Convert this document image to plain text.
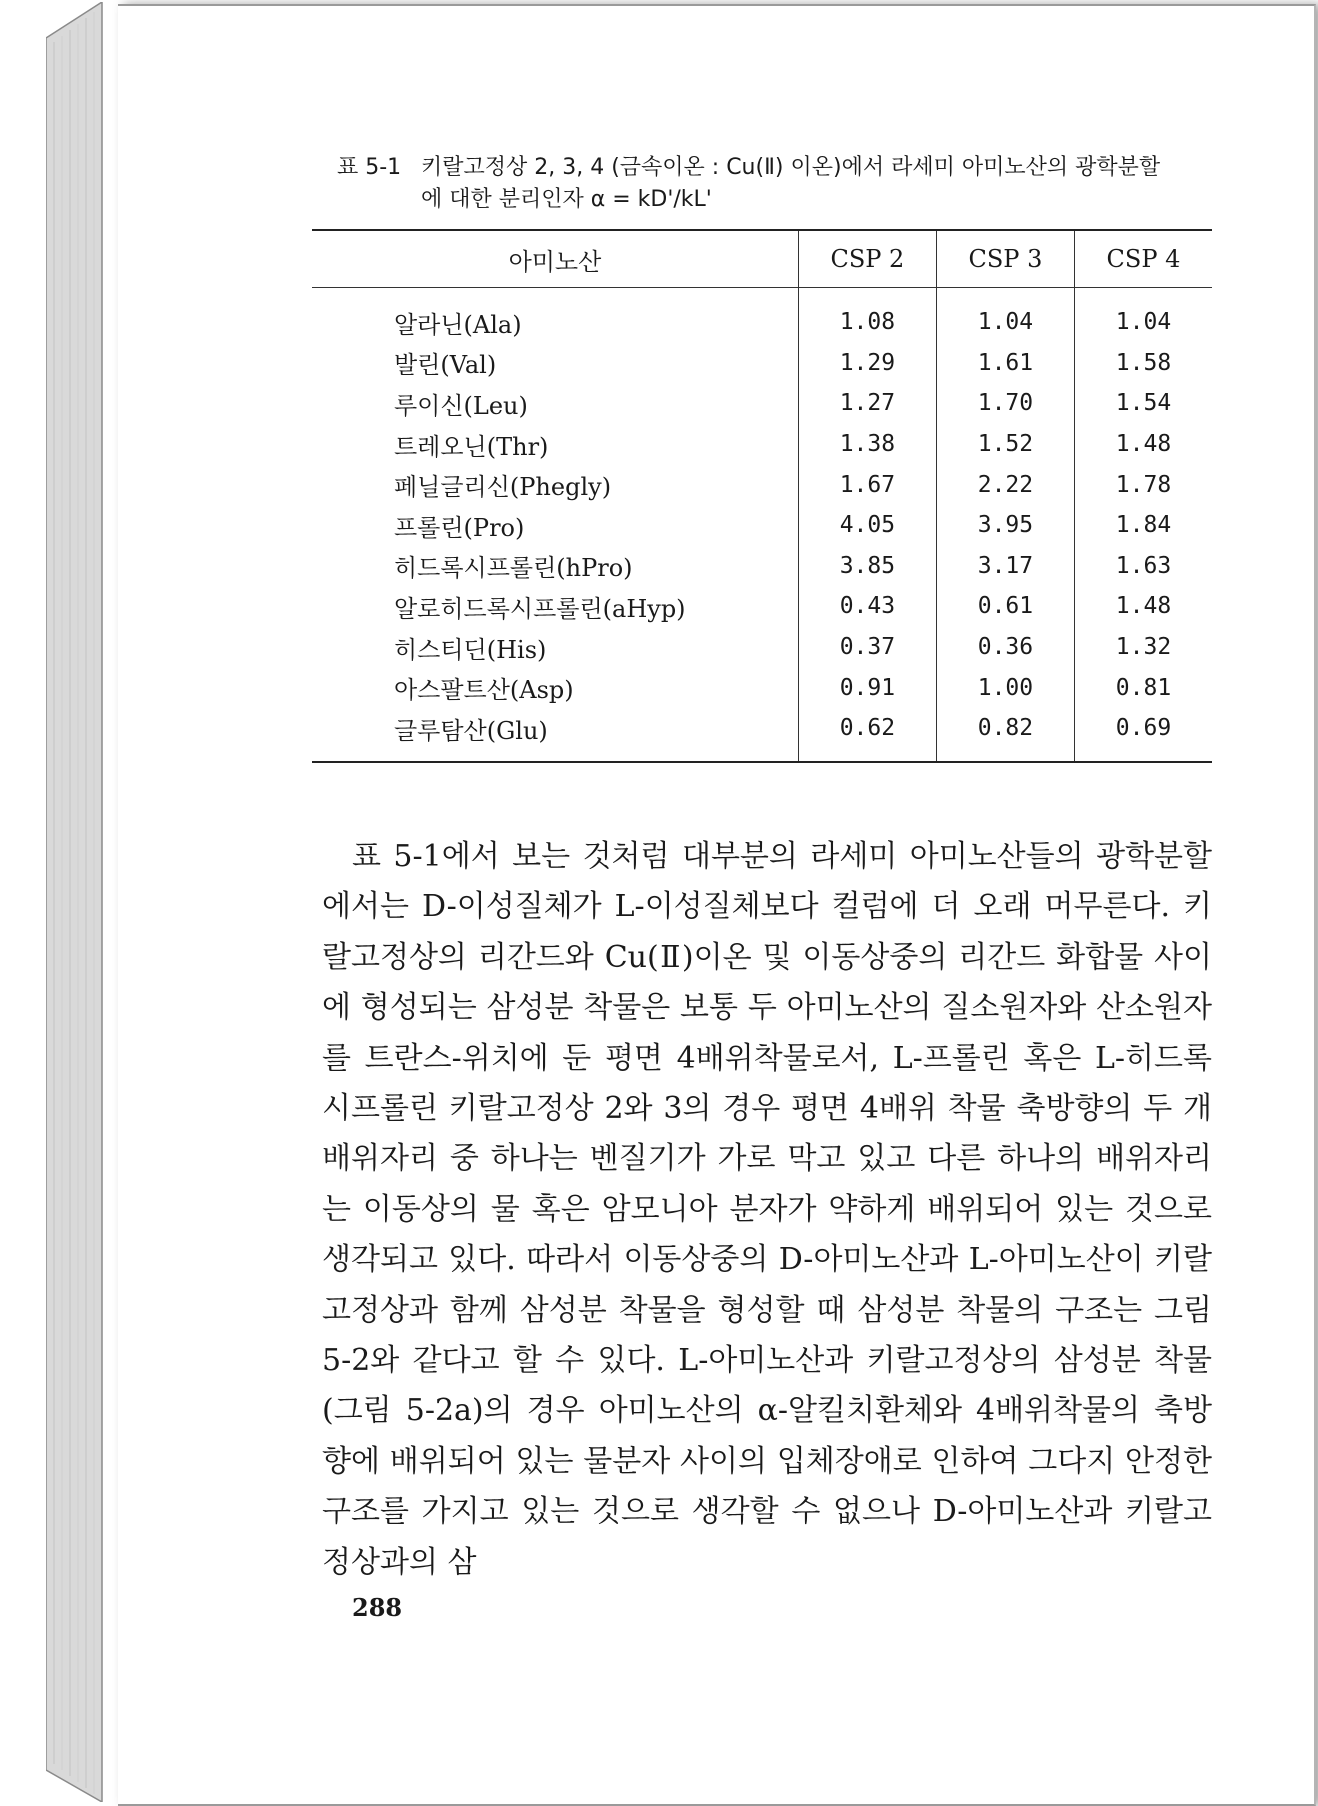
표 5-1 키랄고정상 2, 3, 4 (금속이온 : Cu(Ⅱ) 이온)에서 라세미 아미노산의 광학분할
에 대한 분리인자 α = kD'/kL'
아미노산	CSP 2	CSP 3	CSP 4
알라닌(Ala)	1.08	1.04	1.04
발린(Val)	1.29	1.61	1.58
루이신(Leu)	1.27	1.70	1.54
트레오닌(Thr)	1.38	1.52	1.48
페닐글리신(Phegly)	1.67	2.22	1.78
프롤린(Pro)	4.05	3.95	1.84
히드록시프롤린(hPro)	3.85	3.17	1.63
알로히드록시프롤린(aHyp)	0.43	0.61	1.48
히스티딘(His)	0.37	0.36	1.32
아스팔트산(Asp)	0.91	1.00	0.81
글루탐산(Glu)	0.62	0.82	0.69

표 5-1에서 보는 것처럼 대부분의 라세미 아미노산들의 광학분할에서는 D-이성질체가 L-이성질체보다 컬럼에 더 오래 머무른다. 키랄고정상의 리간드와 Cu(Ⅱ)이온 및 이동상중의 리간드 화합물 사이에 형성되는 삼성분 착물은 보통 두 아미노산의 질소원자와 산소원자를 트란스-위치에 둔 평면 4배위착물로서, L-프롤린 혹은 L-히드록시프롤린 키랄고정상 2와 3의 경우 평면 4배위 착물 축방향의 두 개 배위자리 중 하나는 벤질기가 가로 막고 있고 다른 하나의 배위자리는 이동상의 물 혹은 암모니아 분자가 약하게 배위되어 있는 것으로 생각되고 있다. 따라서 이동상중의 D-아미노산과 L-아미노산이 키랄고정상과 함께 삼성분 착물을 형성할 때 삼성분 착물의 구조는 그림 5-2와 같다고 할 수 있다. L-아미노산과 키랄고정상의 삼성분 착물(그림 5-2a)의 경우 아미노산의 α-알킬치환체와 4배위착물의 축방향에 배위되어 있는 물분자 사이의 입체장애로 인하여 그다지 안정한 구조를 가지고 있는 것으로 생각할 수 없으나 D-아미노산과 키랄고정상과의 삼

288
